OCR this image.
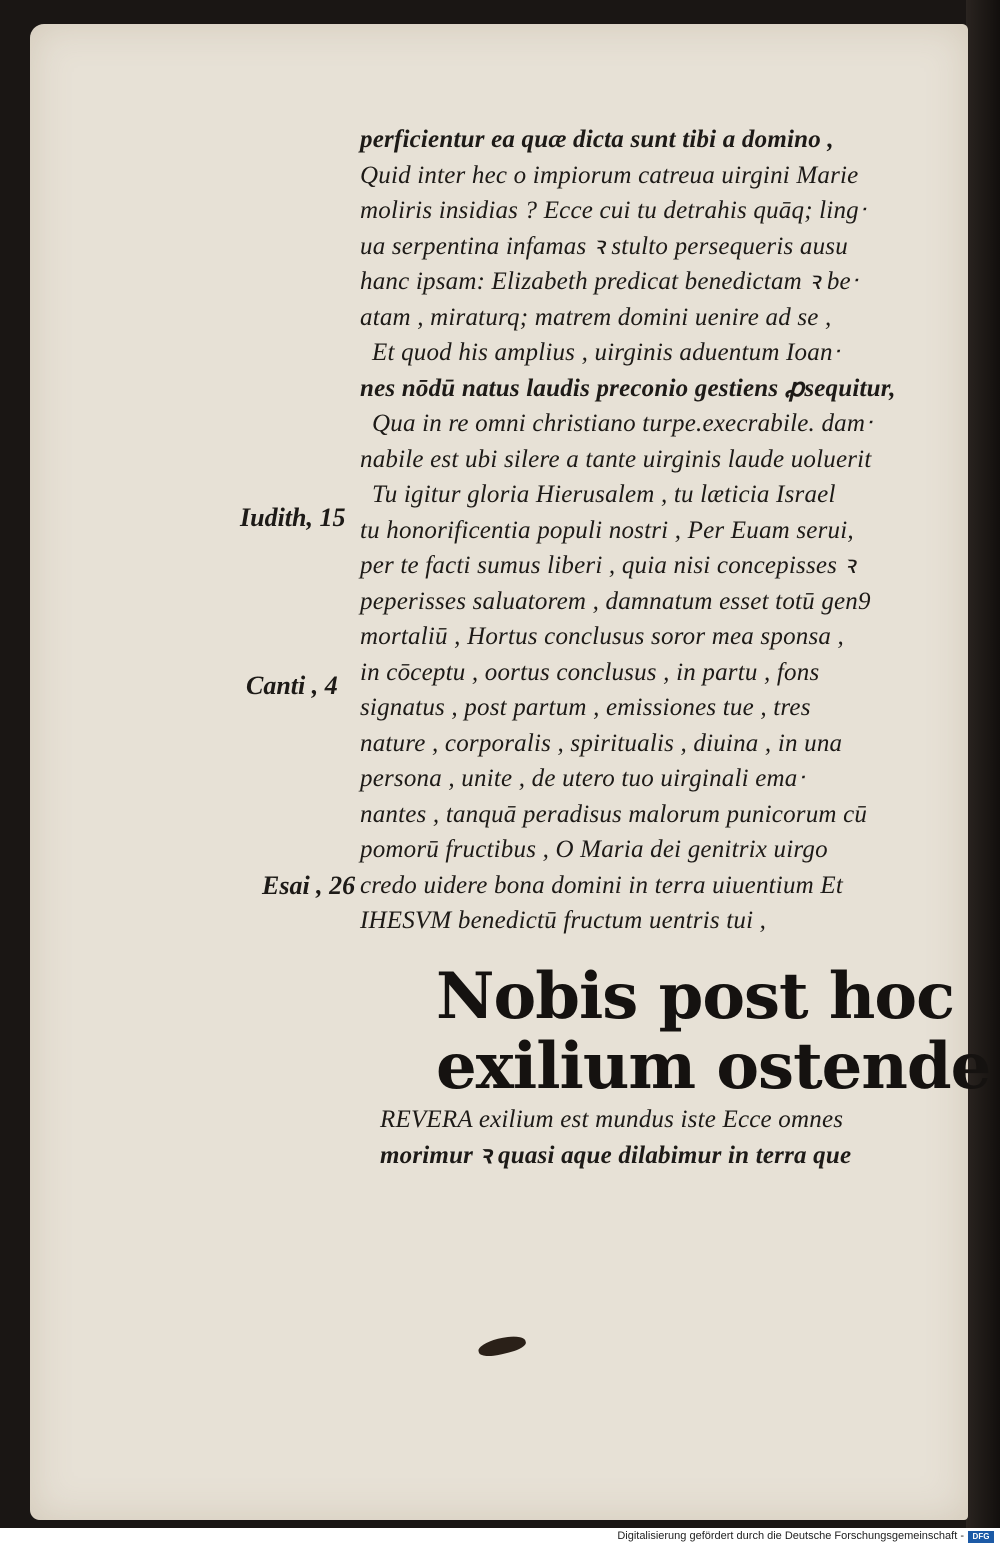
perficientur ea quæ dicta sunt tibi a domino ,
Quid inter hec o impiorum catreua uirgini Marie
moliris insidias ? Ecce cui tu detrahis quāq; lingᐧ
ua serpentina infamas ꝛ stulto persequeris ausu
hanc ipsam: Elizabeth predicat benedictam ꝛ beᐧ
atam , miraturq; matrem domini uenire ad se ,
Et quod his amplius , uirginis aduentum Ioanᐧ
nes nōdū natus laudis preconio gestiens ꝓsequitur,
Qua in re omni christiano turpe.execrabile. damᐧ
nabile est ubi silere a tante uirginis laude uoluerit
Tu igitur gloria Hierusalem , tu læticia Israel
tu honorificentia populi nostri , Per Euam serui,
per te facti sumus liberi , quia nisi concepisses ꝛ
peperisses saluatorem , damnatum esset totū gen9
mortaliū , Hortus conclusus soror mea sponsa ,
in cōceptu , oortus conclusus , in partu , fons
signatus , post partum , emissiones tue , tres
nature , corporalis , spiritualis , diuina , in una
persona , unite , de utero tuo uirginali emaᐧ
nantes , tanquā peradisus malorum punicorum cū
pomorū fructibus , O Maria dei genitrix uirgo
credo uidere bona domini in terra uiuentium Et
IHESVM benedictū fructum uentris tui ,
Iudith, 15
Canti , 4
Esai , 26
Nobis post hoc
exilium ostende
REVERA exilium est mundus iste Ecce omnes
morimur ꝛ quasi aque dilabimur in terra que
Digitalisierung gefördert durch die Deutsche Forschungsgemeinschaft -	DFG
